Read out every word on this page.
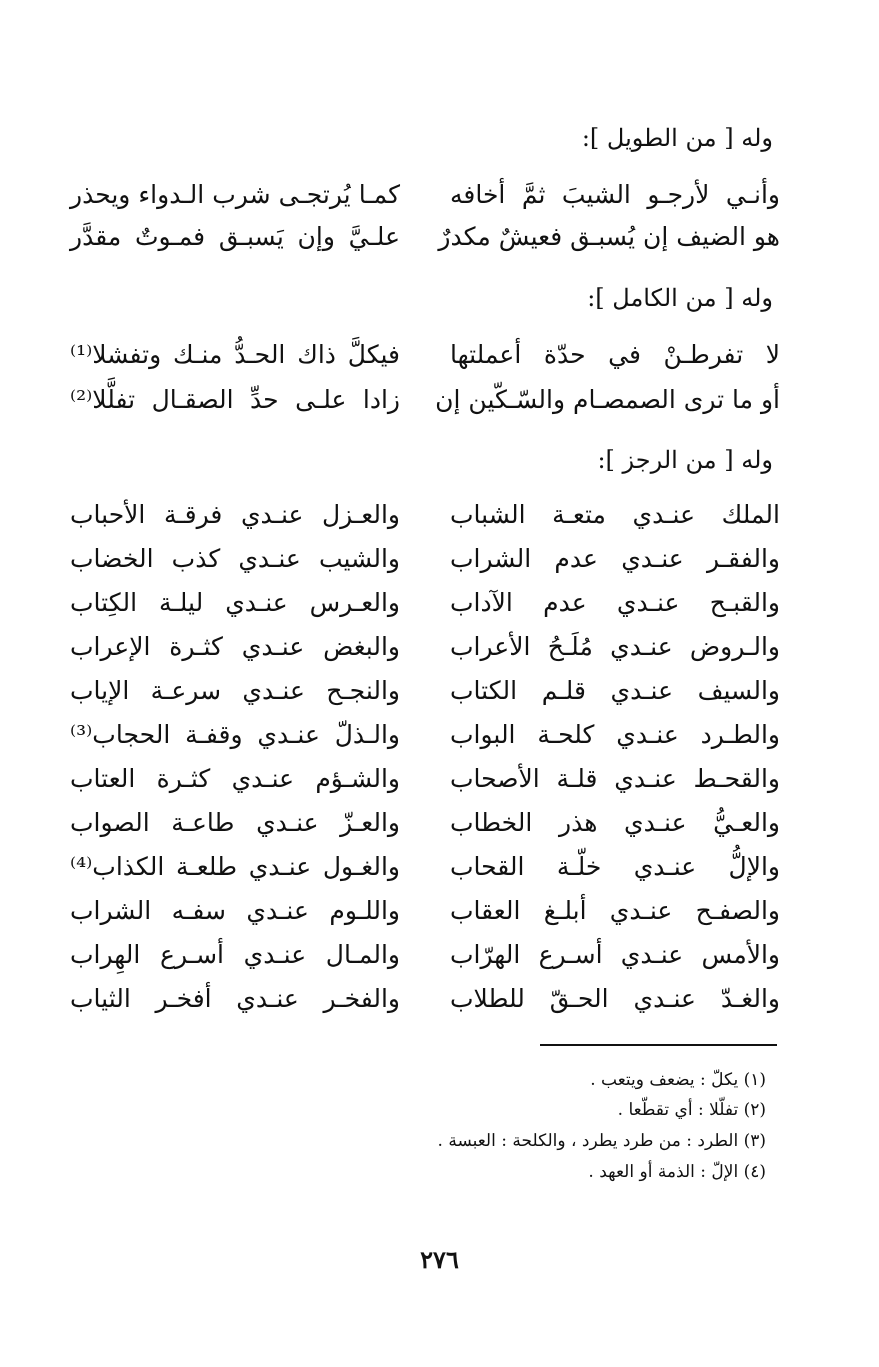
وله [ من الطويل ]:
وأنـي لأرجـو الشيبَ ثمَّ أخافه
كمـا يُرتجـى شرب الـدواء ويحذر
هو الضيف إن يُسبـق فعيشٌ مكدرٌ
علـيَّ وإن يَسبـق فمـوتٌ مقدَّر
وله [ من الكامل ]:
لا تفرطـنْ في حدّة أعملتها
فيكلَّ ذاك الحـدُّ منـك وتفشلا⁽¹⁾
أو ما ترى الصمصـام والسّـكّين إن
زادا علـى حدِّ الصقـال تفلَّلا⁽²⁾
وله [ من الرجز ]:
الملك عنـدي متعـة الشباب
والعـزل عنـدي فرقـة الأحباب
والفقـر عنـدي عدم الشراب
والشيب عنـدي كذب الخضاب
والقبـح عنـدي عدم الآداب
والعـرس عنـدي ليلـة الكِتاب
والـروض عنـدي مُلَـحُ الأعراب
والبغض عنـدي كثـرة الإعراب
والسيف عنـدي قلـم الكتاب
والنجـح عنـدي سرعـة الإياب
والطـرد عنـدي كلحـة البواب
والـذلّ عنـدي وقفـة الحجاب⁽³⁾
والقحـط عنـدي قلـة الأصحاب
والشـؤم عنـدي كثـرة العتاب
والعـيُّ عنـدي هذر الخطاب
والعـزّ عنـدي طاعـة الصواب
والإلُّ عنـدي خلّـة القحاب
والغـول عنـدي طلعـة الكذاب⁽⁴⁾
والصفـح عنـدي أبلـغ العقاب
واللـوم عنـدي سفـه الشراب
والأمس عنـدي أسـرع الهرّاب
والمـال عنـدي أسـرع الهِراب
والغـدّ عنـدي الحـقّ للطلاب
والفخـر عنـدي أفخـر الثياب
(١) يكلّ : يضعف ويتعب .
(٢) تفلّلا : أي تقطّعا .
(٣) الطرد : من طرد يطرد ، والكلحة : العبسة .
(٤) الإلّ : الذمة أو العهد .
٢٧٦
